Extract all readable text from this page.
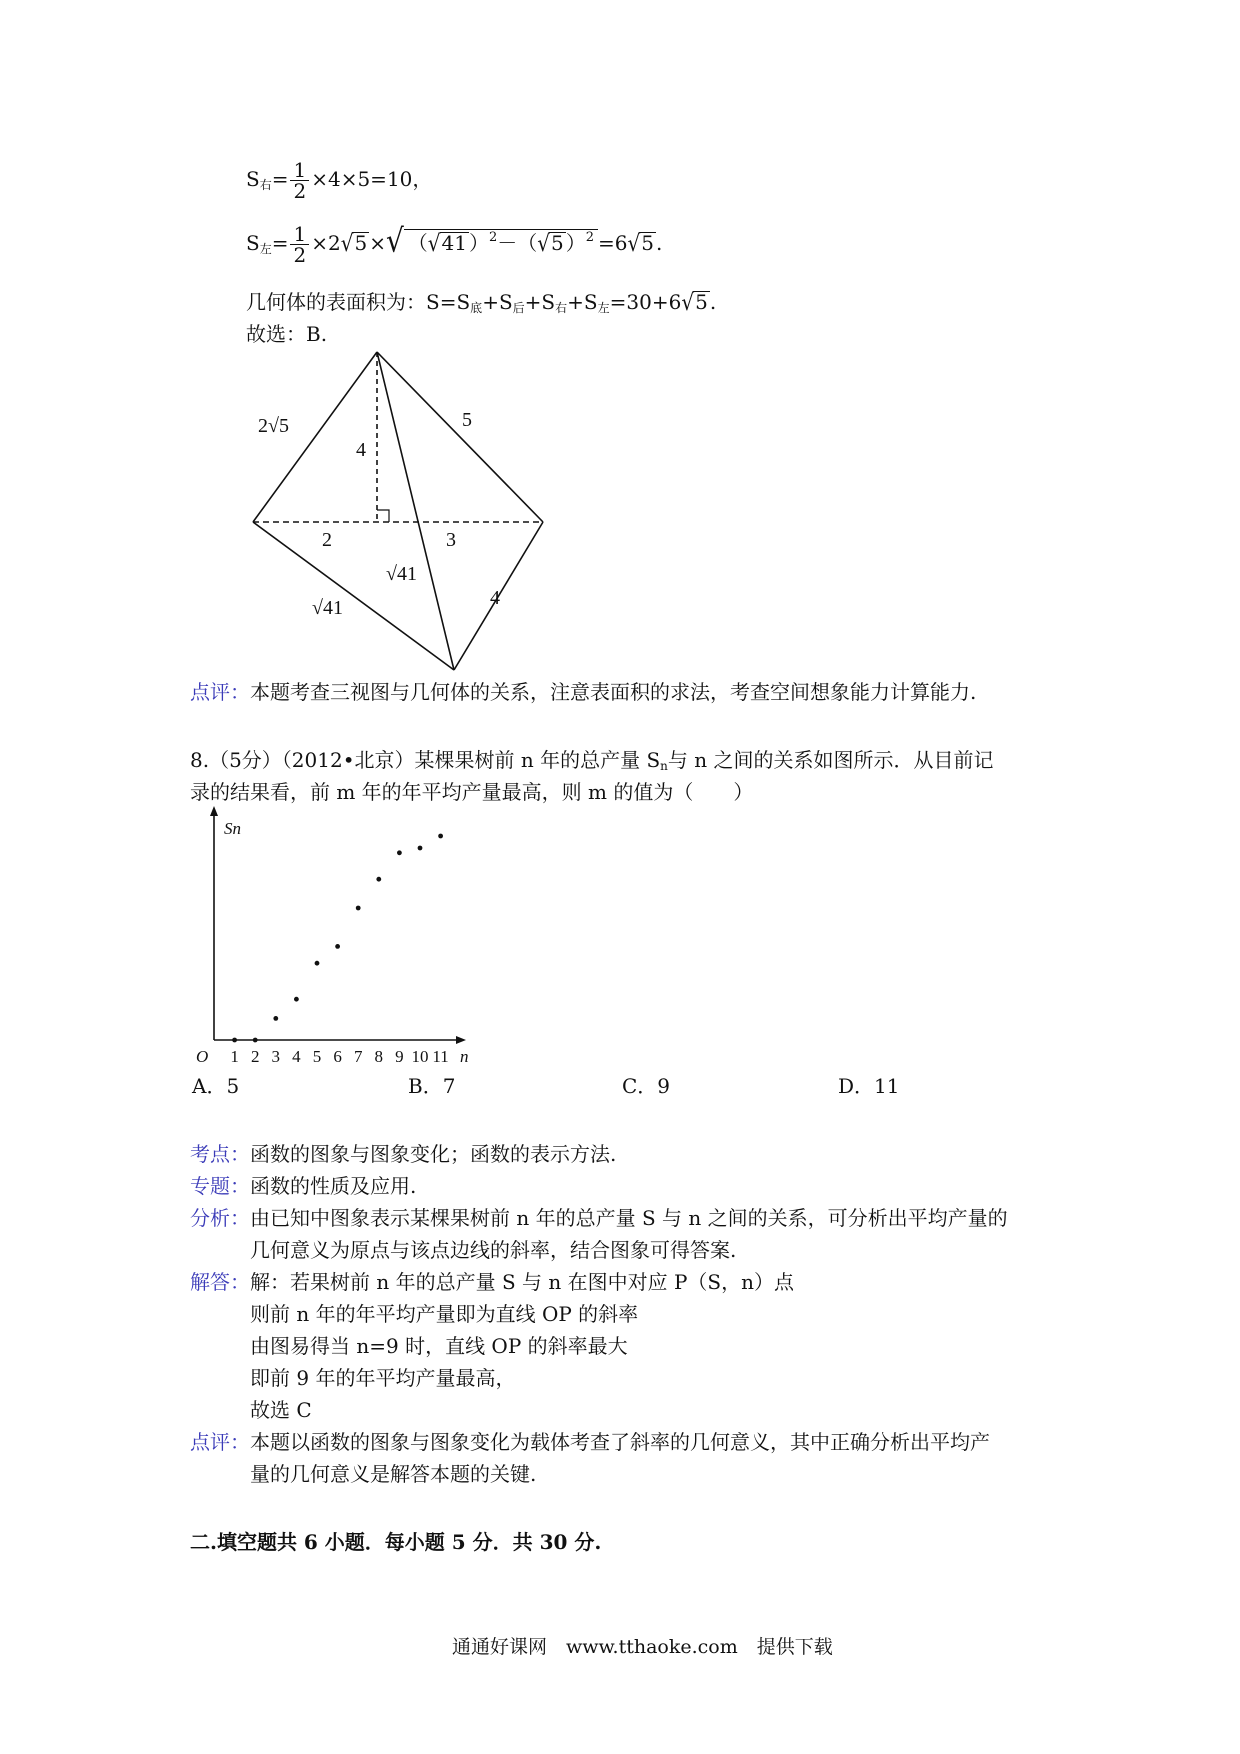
$S_右= \frac{1}{2} \times 4\times 5=10$，
$S_左= \frac{1}{2} \times 2√5$ ×√ （√41 ）$^2$－（√5 ）$^2$ =6√5 .
几何体的表面积为：$S=S_底+S_后+S_右+S_左=30+6√5$ .
故选：B.
2√5
4
5
2	3
√41
√41	4
点评：本题考查三视图与几何体的关系，注意表面积的求法，考查空间想象能力计算能力.
8.（5分）（2012•北京）某棵果树前 n 年的总产量 $S_n$与 n 之间的关系如图所示．从目前记
录的结果看，前 m 年的年平均产量最高，则 m 的值为（　　）
Sn
n
O 1 2 3 4 5 6 7 8 9 10 11
A．5	B．7	C．9	D．11
考点：函数的图象与图象变化；函数的表示方法.
专题：函数的性质及应用.
分析：由已知中图象表示某棵果树前 n 年的总产量 S 与 n 之间的关系，可分析出平均产量的
几何意义为原点与该点边线的斜率，结合图象可得答案.
解答：解：若果树前 n 年的总产量 S 与 n 在图中对应 P（S，n）点
则前 n 年的年平均产量即为直线 OP 的斜率
由图易得当 n=9 时，直线 OP 的斜率最大
即前 9 年的年平均产量最高，
故选 C
点评：本题以函数的图象与图象变化为载体考查了斜率的几何意义，其中正确分析出平均产
量的几何意义是解答本题的关键.
二.填空题共 6 小题．每小题 5 分．共 30 分.
通通好课网　www.tthaoke.com　提供下载
